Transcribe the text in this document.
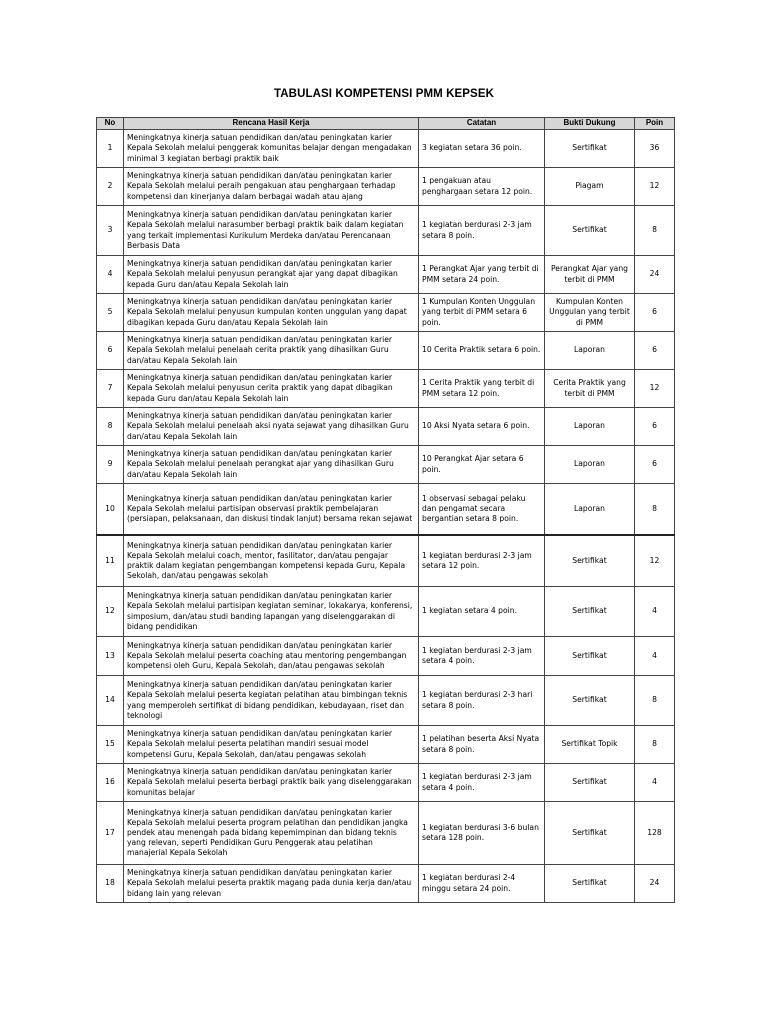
TABULASI KOMPETENSI PMM KEPSEK
No	Rencana Hasil Kerja	Catatan	Bukti Dukung	Poin
1	Meningkatnya kinerja satuan pendidikan dan/atau peningkatan karier Kepala Sekolah melalui penggerak komunitas belajar dengan mengadakan minimal 3 kegiatan berbagi praktik baik	3 kegiatan setara 36 poin.	Sertifikat	36
2	Meningkatnya kinerja satuan pendidikan dan/atau peningkatan karier Kepala Sekolah melalui peraih pengakuan atau penghargaan terhadap kompetensi dan kinerjanya dalam berbagai wadah atau ajang	1 pengakuan atau penghargaan setara 12 poin.	Piagam	12
3	Meningkatnya kinerja satuan pendidikan dan/atau peningkatan karier Kepala Sekolah melalui narasumber berbagi praktik baik dalam kegiatan yang terkait implementasi Kurikulum Merdeka dan/atau Perencanaan Berbasis Data	1 kegiatan berdurasi 2-3 jam setara 8 poin.	Sertifikat	8
4	Meningkatnya kinerja satuan pendidikan dan/atau peningkatan karier Kepala Sekolah melalui penyusun perangkat ajar yang dapat dibagikan kepada Guru dan/atau Kepala Sekolah lain	1 Perangkat Ajar yang terbit di PMM setara 24 poin.	Perangkat Ajar yang terbit di PMM	24
5	Meningkatnya kinerja satuan pendidikan dan/atau peningkatan karier Kepala Sekolah melalui penyusun kumpulan konten unggulan yang dapat dibagikan kepada Guru dan/atau Kepala Sekolah lain	1 Kumpulan Konten Unggulan yang terbit di PMM setara 6 poin.	Kumpulan Konten Unggulan yang terbit di PMM	6
6	Meningkatnya kinerja satuan pendidikan dan/atau peningkatan karier Kepala Sekolah melalui penelaah cerita praktik yang dihasilkan Guru dan/atau Kepala Sekolah lain	10 Cerita Praktik setara 6 poin.	Laporan	6
7	Meningkatnya kinerja satuan pendidikan dan/atau peningkatan karier Kepala Sekolah melalui penyusun cerita praktik yang dapat dibagikan kepada Guru dan/atau Kepala Sekolah lain	1 Cerita Praktik yang terbit di PMM setara 12 poin.	Cerita Praktik yang terbit di PMM	12
8	Meningkatnya kinerja satuan pendidikan dan/atau peningkatan karier Kepala Sekolah melalui penelaah aksi nyata sejawat yang dihasilkan Guru dan/atau Kepala Sekolah lain	10 Aksi Nyata setara 6 poin.	Laporan	6
9	Meningkatnya kinerja satuan pendidikan dan/atau peningkatan karier Kepala Sekolah melalui penelaah perangkat ajar yang dihasilkan Guru dan/atau Kepala Sekolah lain	10 Perangkat Ajar setara 6 poin.	Laporan	6
10	Meningkatnya kinerja satuan pendidikan dan/atau peningkatan karier Kepala Sekolah melalui partisipan observasi praktik pembelajaran (persiapan, pelaksanaan, dan diskusi tindak lanjut) bersama rekan sejawat	1 observasi sebagai pelaku dan pengamat secara bergantian setara 8 poin.	Laporan	8
11	Meningkatnya kinerja satuan pendidikan dan/atau peningkatan karier Kepala Sekolah melalui coach, mentor, fasilitator, dan/atau pengajar praktik dalam kegiatan pengembangan kompetensi kepada Guru, Kepala Sekolah, dan/atau pengawas sekolah	1 kegiatan berdurasi 2-3 jam setara 12 poin.	Sertifikat	12
12	Meningkatnya kinerja satuan pendidikan dan/atau peningkatan karier Kepala Sekolah melalui partisipan kegiatan seminar, lokakarya, konferensi, simposium, dan/atau studi banding lapangan yang diselenggarakan di bidang pendidikan	1 kegiatan setara 4 poin.	Sertifikat	4
13	Meningkatnya kinerja satuan pendidikan dan/atau peningkatan karier Kepala Sekolah melalui peserta coaching atau mentoring pengembangan kompetensi oleh Guru, Kepala Sekolah, dan/atau pengawas sekolah	1 kegiatan berdurasi 2-3 jam setara 4 poin.	Sertifikat	4
14	Meningkatnya kinerja satuan pendidikan dan/atau peningkatan karier Kepala Sekolah melalui peserta kegiatan pelatihan atau bimbingan teknis yang memperoleh sertifikat di bidang pendidikan, kebudayaan, riset dan teknologi	1 kegiatan berdurasi 2-3 hari setara 8 poin.	Sertifikat	8
15	Meningkatnya kinerja satuan pendidikan dan/atau peningkatan karier Kepala Sekolah melalui peserta pelatihan mandiri sesuai model kompetensi Guru, Kepala Sekolah, dan/atau pengawas sekolah	1 pelatihan beserta Aksi Nyata setara 8 poin.	Sertifikat Topik	8
16	Meningkatnya kinerja satuan pendidikan dan/atau peningkatan karier Kepala Sekolah melalui peserta berbagi praktik baik yang diselenggarakan komunitas belajar	1 kegiatan berdurasi 2-3 jam setara 4 poin.	Sertifikat	4
17	Meningkatnya kinerja satuan pendidikan dan/atau peningkatan karier Kepala Sekolah melalui peserta program pelatihan dan pendidikan jangka pendek atau menengah pada bidang kepemimpinan dan bidang teknis yang relevan, seperti Pendidikan Guru Penggerak atau pelatihan manajerial Kepala Sekolah	1 kegiatan berdurasi 3-6 bulan setara 128 poin.	Sertifikat	128
18	Meningkatnya kinerja satuan pendidikan dan/atau peningkatan karier Kepala Sekolah melalui peserta praktik magang pada dunia kerja dan/atau bidang lain yang relevan	1 kegiatan berdurasi 2-4 minggu setara 24 poin.	Sertifikat	24
